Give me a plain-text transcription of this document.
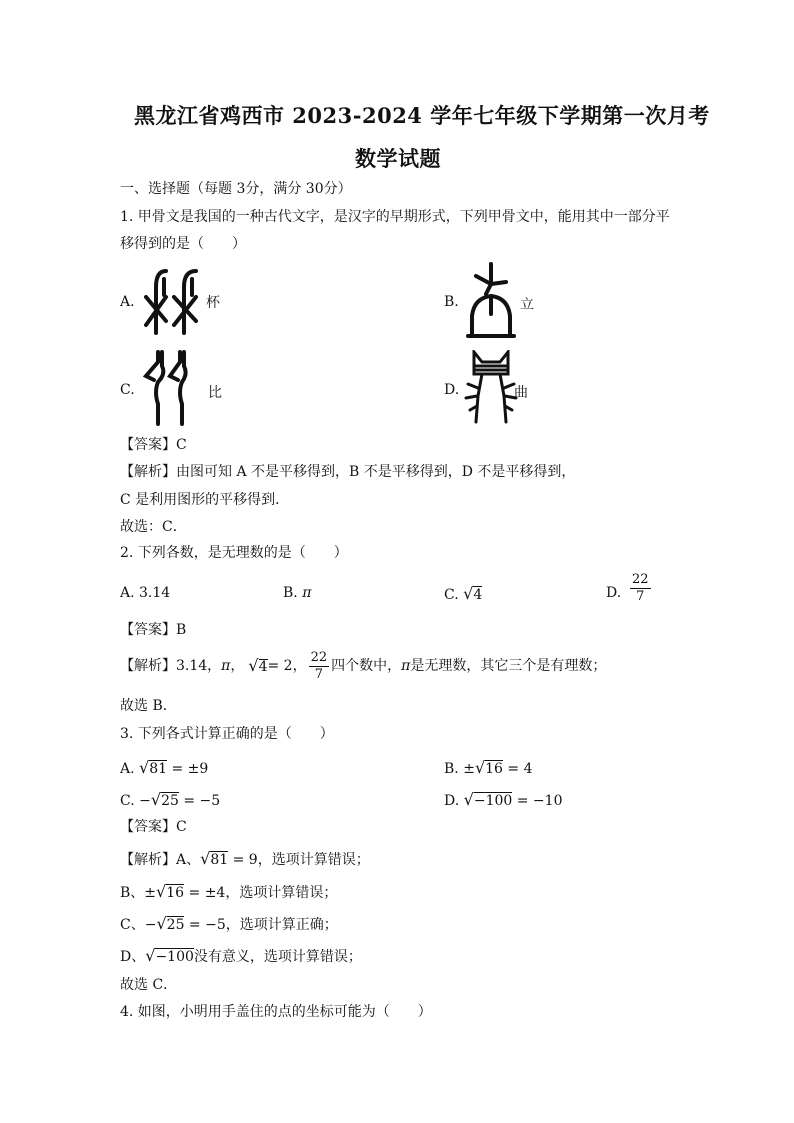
黑龙江省鸡西市 2023-2024 学年七年级下学期第一次月考
数学试题
一、选择题（每题 3分，满分 30分）
1. 甲骨文是我国的一种古代文字，是汉字的早期形式，下列甲骨文中，能用其中一部分平
移得到的是（　　）
A.	杯	B.	立
C.	比	D.	曲
【答案】C
【解析】由图可知 A 不是平移得到，B 不是平移得到，D 不是平移得到，
C 是利用图形的平移得到．
故选：C．
2. 下列各数，是无理数的是（　　）
A. 3.14	B. π	C. √4	D. $\frac{22}{7}$
【答案】B
【解析】 3.14， π ， √ 4 = 2， $\frac{22}{7}$ 四个数中， π 是无理数，其它三个是有理数；
故选 B．
3. 下列各式计算正确的是（　　）
A. √81 = ±9	B. ±√16 = 4
C. −√25 = −5	D. √−100 = −10
【答案】C
【解析】A、√81 = 9，选项计算错误；
B、±√16 = ±4，选项计算错误；
C、−√25 = −5，选项计算正确；
D、√−100没有意义，选项计算错误；
故选 C．
4. 如图，小明用手盖住的点的坐标可能为（　　）
